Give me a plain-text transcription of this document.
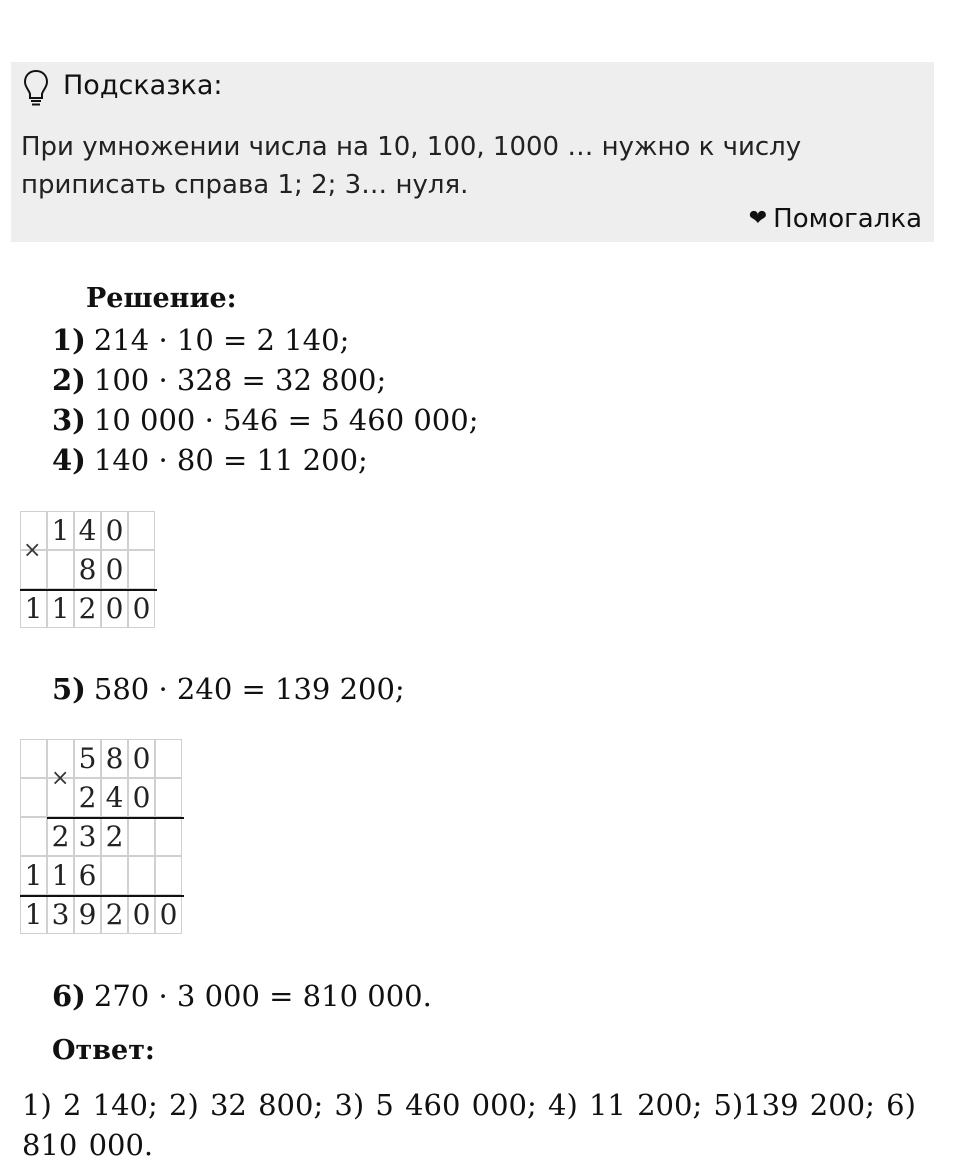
Подсказка:
При умножении числа на 10, 100, 1000 … нужно к числу приписать справа 1; 2; 3… нуля.
❤ Помогалка
Решение:
1) 214 · 10 = 2 140;
2) 100 · 328 = 32 800;
3) 10 000 · 546 = 5 460 000;
4) 140 · 80 = 11 200;
0
0
2
1
1
0
8
0
4
1
×
5) 580 · 240 = 139 200;
0
0
2
9
3
1
6
1
1
2
3
2
0
4
2
0
8
5
×
6) 270 · 3 000 = 810 000.
Ответ:
1) 2 140; 2) 32 800; 3) 5 460 000; 4) 11 200; 5)139 200; 6) 810 000.
